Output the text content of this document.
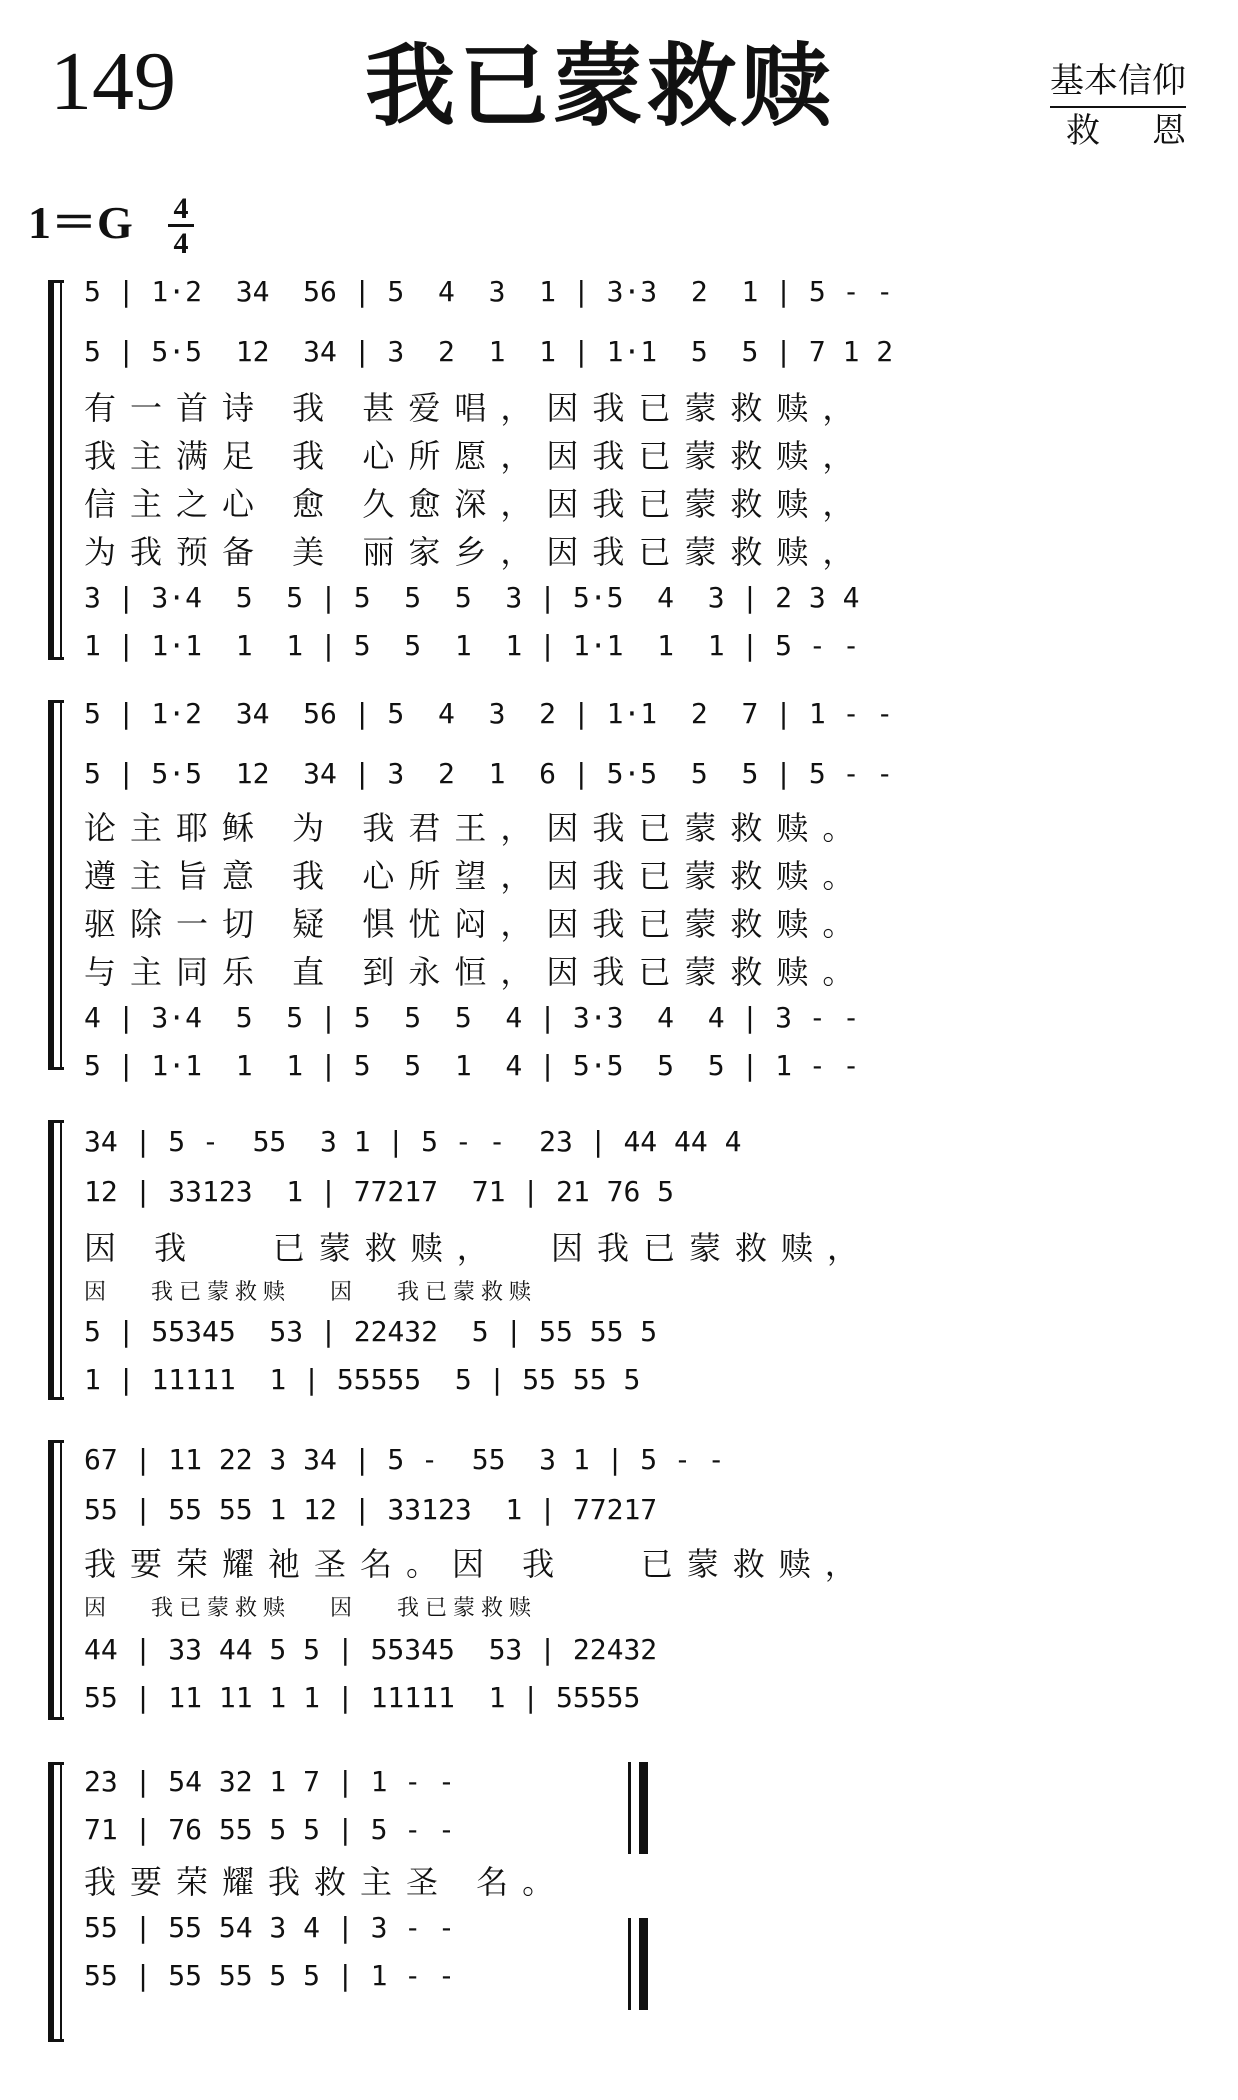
149	我已蒙救赎	基本信仰
救恩
1＝G 4
4
5 | 1·2  34  56 | 5  4  3  1 | 3·3  2  1 | 5 - -
5 | 5·5  12  34 | 3  2  1  1 | 1·1  5  5 | 7 1 2
有一首诗 我 甚爱唱，因我已蒙救赎，
我主满足 我 心所愿，因我已蒙救赎，
信主之心 愈 久愈深，因我已蒙救赎，
为我预备 美 丽家乡，因我已蒙救赎，
3 | 3·4  5  5 | 5  5  5  3 | 5·5  4  3 | 2 3 4
1 | 1·1  1  1 | 5  5  1  1 | 1·1  1  1 | 5 - -
5 | 1·2  34  56 | 5  4  3  2 | 1·1  2  7 | 1 - -
5 | 5·5  12  34 | 3  2  1  6 | 5·5  5  5 | 5 - -
论主耶稣 为 我君王，因我已蒙救赎。
遵主旨意 我 心所望，因我已蒙救赎。
驱除一切 疑 惧忧闷，因我已蒙救赎。
与主同乐 直 到永恒，因我已蒙救赎。
4 | 3·4  5  5 | 5  5  5  4 | 3·3  4  4 | 3 - -
5 | 1·1  1  1 | 5  5  1  4 | 5·5  5  5 | 1 - -
34 | 5 -  55  3 1 | 5 - -  23 | 44 44 4
12 | 33123  1 | 77217  71 | 21 76 5
因 我   已蒙救赎，  因我已蒙救赎，
因   我已蒙救赎   因   我已蒙救赎
5 | 55345  53 | 22432  5 | 55 55 5
1 | 11111  1 | 55555  5 | 55 55 5
67 | 11 22 3 34 | 5 -  55  3 1 | 5 - -
55 | 55 55 1 12 | 33123  1 | 77217
我要荣耀祂圣名。因 我   已蒙救赎，
因   我已蒙救赎   因   我已蒙救赎
44 | 33 44 5 5 | 55345  53 | 22432
55 | 11 11 1 1 | 11111  1 | 55555
23 | 54 32 1 7 | 1 - -
71 | 76 55 5 5 | 5 - -
我要荣耀我救主圣 名。
55 | 55 54 3 4 | 3 - -
55 | 55 55 5 5 | 1 - -
